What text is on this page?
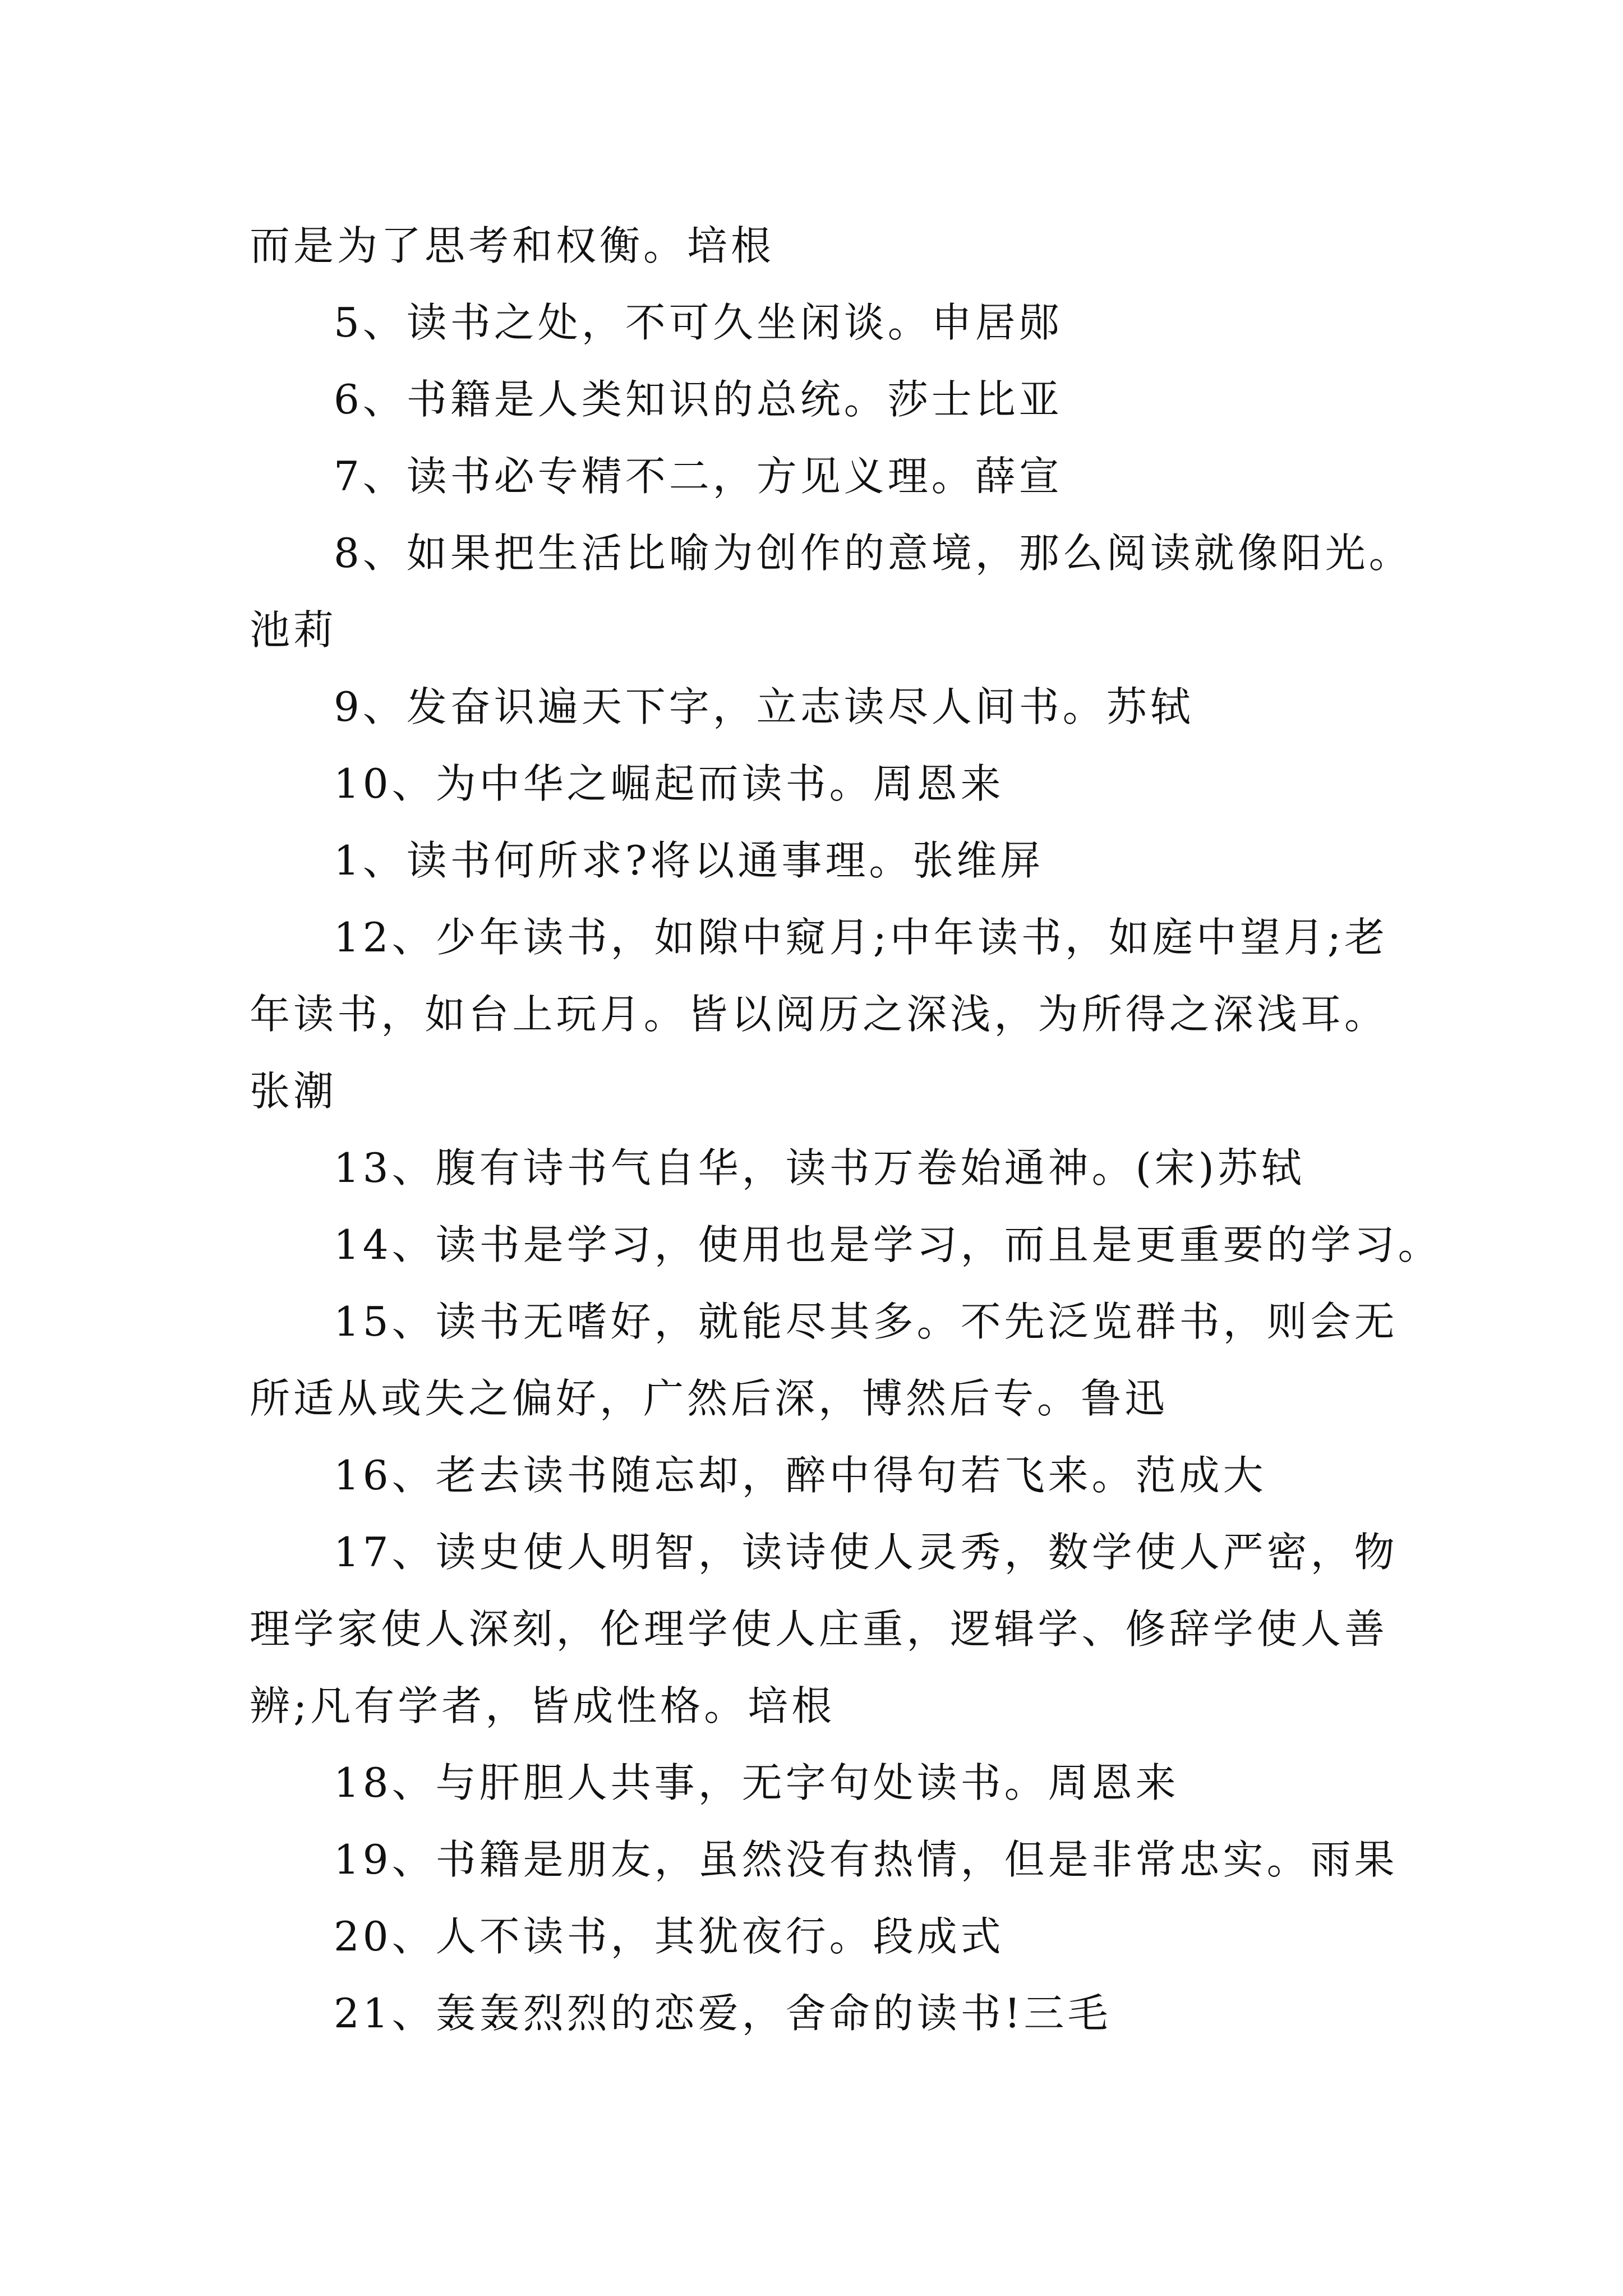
而是为了思考和权衡。培根
5、读书之处，不可久坐闲谈。申居郧
6、书籍是人类知识的总统。莎士比亚
7、读书必专精不二，方见义理。薛宣
8、如果把生活比喻为创作的意境，那么阅读就像阳光。
池莉
9、发奋识遍天下字，立志读尽人间书。苏轼
10、为中华之崛起而读书。周恩来
1、读书何所求?将以通事理。张维屏
12、少年读书，如隙中窥月;中年读书，如庭中望月;老
年读书，如台上玩月。皆以阅历之深浅，为所得之深浅耳。
张潮
13、腹有诗书气自华，读书万卷始通神。(宋)苏轼
14、读书是学习，使用也是学习，而且是更重要的学习。
15、读书无嗜好，就能尽其多。不先泛览群书，则会无
所适从或失之偏好，广然后深，博然后专。鲁迅
16、老去读书随忘却，醉中得句若飞来。范成大
17、读史使人明智，读诗使人灵秀，数学使人严密，物
理学家使人深刻，伦理学使人庄重，逻辑学、修辞学使人善
辨;凡有学者，皆成性格。培根
18、与肝胆人共事，无字句处读书。周恩来
19、书籍是朋友，虽然没有热情，但是非常忠实。雨果
20、人不读书，其犹夜行。段成式
21、轰轰烈烈的恋爱，舍命的读书!三毛
